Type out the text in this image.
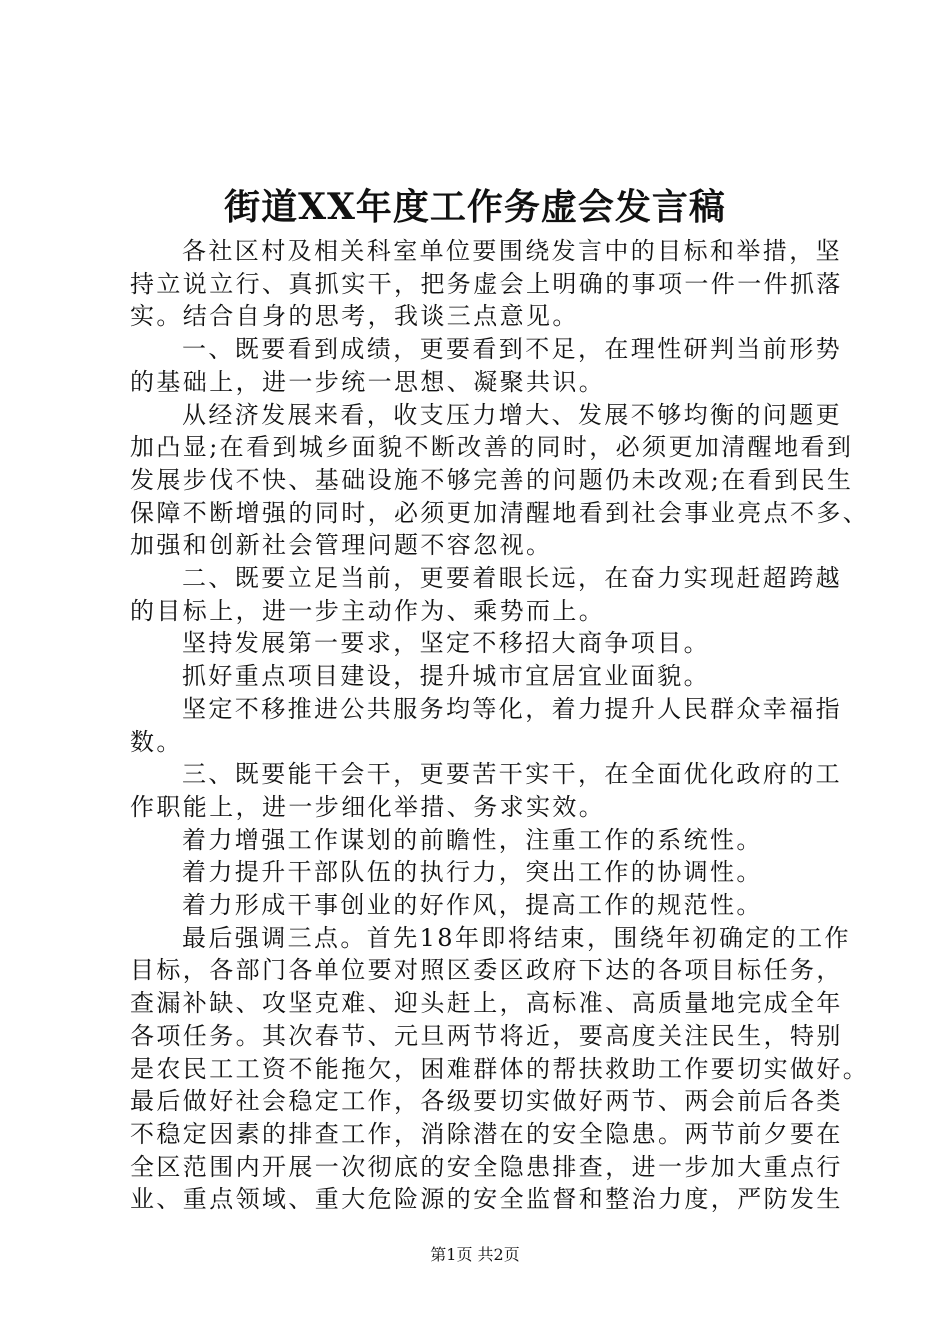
街道XX年度工作务虚会发言稿

各社区村及相关科室单位要围绕发言中的目标和举措，坚
持立说立行、真抓实干，把务虚会上明确的事项一件一件抓落
实。结合自身的思考，我谈三点意见。

一、既要看到成绩，更要看到不足，在理性研判当前形势
的基础上，进一步统一思想、凝聚共识。

从经济发展来看，收支压力增大、发展不够均衡的问题更
加凸显;在看到城乡面貌不断改善的同时，必须更加清醒地看到
发展步伐不快、基础设施不够完善的问题仍未改观;在看到民生
保障不断增强的同时，必须更加清醒地看到社会事业亮点不多、
加强和创新社会管理问题不容忽视。

二、既要立足当前，更要着眼长远，在奋力实现赶超跨越
的目标上，进一步主动作为、乘势而上。

坚持发展第一要求，坚定不移招大商争项目。

抓好重点项目建设，提升城市宜居宜业面貌。

坚定不移推进公共服务均等化，着力提升人民群众幸福指
数。

三、既要能干会干，更要苦干实干，在全面优化政府的工
作职能上，进一步细化举措、务求实效。

着力增强工作谋划的前瞻性，注重工作的系统性。

着力提升干部队伍的执行力，突出工作的协调性。

着力形成干事创业的好作风，提高工作的规范性。

最后强调三点。首先18年即将结束，围绕年初确定的工作
目标，各部门各单位要对照区委区政府下达的各项目标任务，
查漏补缺、攻坚克难、迎头赶上，高标准、高质量地完成全年
各项任务。其次春节、元旦两节将近，要高度关注民生，特别
是农民工工资不能拖欠，困难群体的帮扶救助工作要切实做好。
最后做好社会稳定工作，各级要切实做好两节、两会前后各类
不稳定因素的排查工作，消除潜在的安全隐患。两节前夕要在
全区范围内开展一次彻底的安全隐患排查，进一步加大重点行
业、重点领域、重大危险源的安全监督和整治力度，严防发生

第1页 共2页
